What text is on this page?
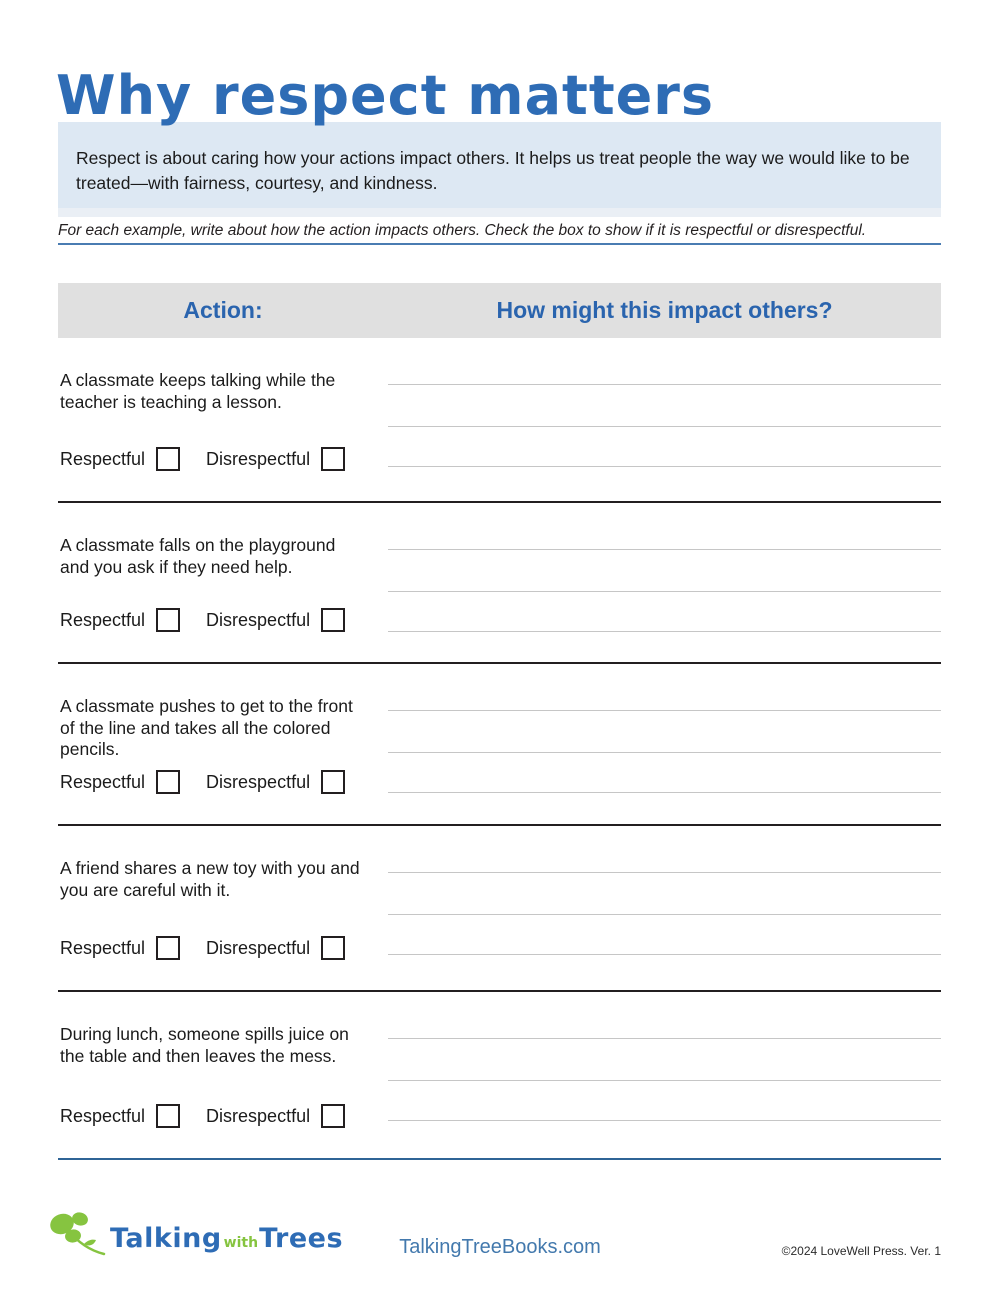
Why respect matters
Respect is about caring how your actions impact others. It helps us treat people the way we would like to be treated—with fairness, courtesy, and kindness.
For each example, write about how the action impacts others. Check the box to show if it is respectful or disrespectful.
Action:	How might this impact others?
A classmate keeps talking while the teacher is teaching a lesson.
Respectful	Disrespectful
A classmate falls on the playground and you ask if they need help.
Respectful	Disrespectful
A classmate pushes to get to the front of the line and takes all the colored pencils.
Respectful	Disrespectful
A friend shares a new toy with you and you are careful with it.
Respectful	Disrespectful
During lunch, someone spills juice on the table and then leaves the mess.
Respectful	Disrespectful
Talking with Trees	TalkingTreeBooks.com	©2024 LoveWell Press. Ver. 1
